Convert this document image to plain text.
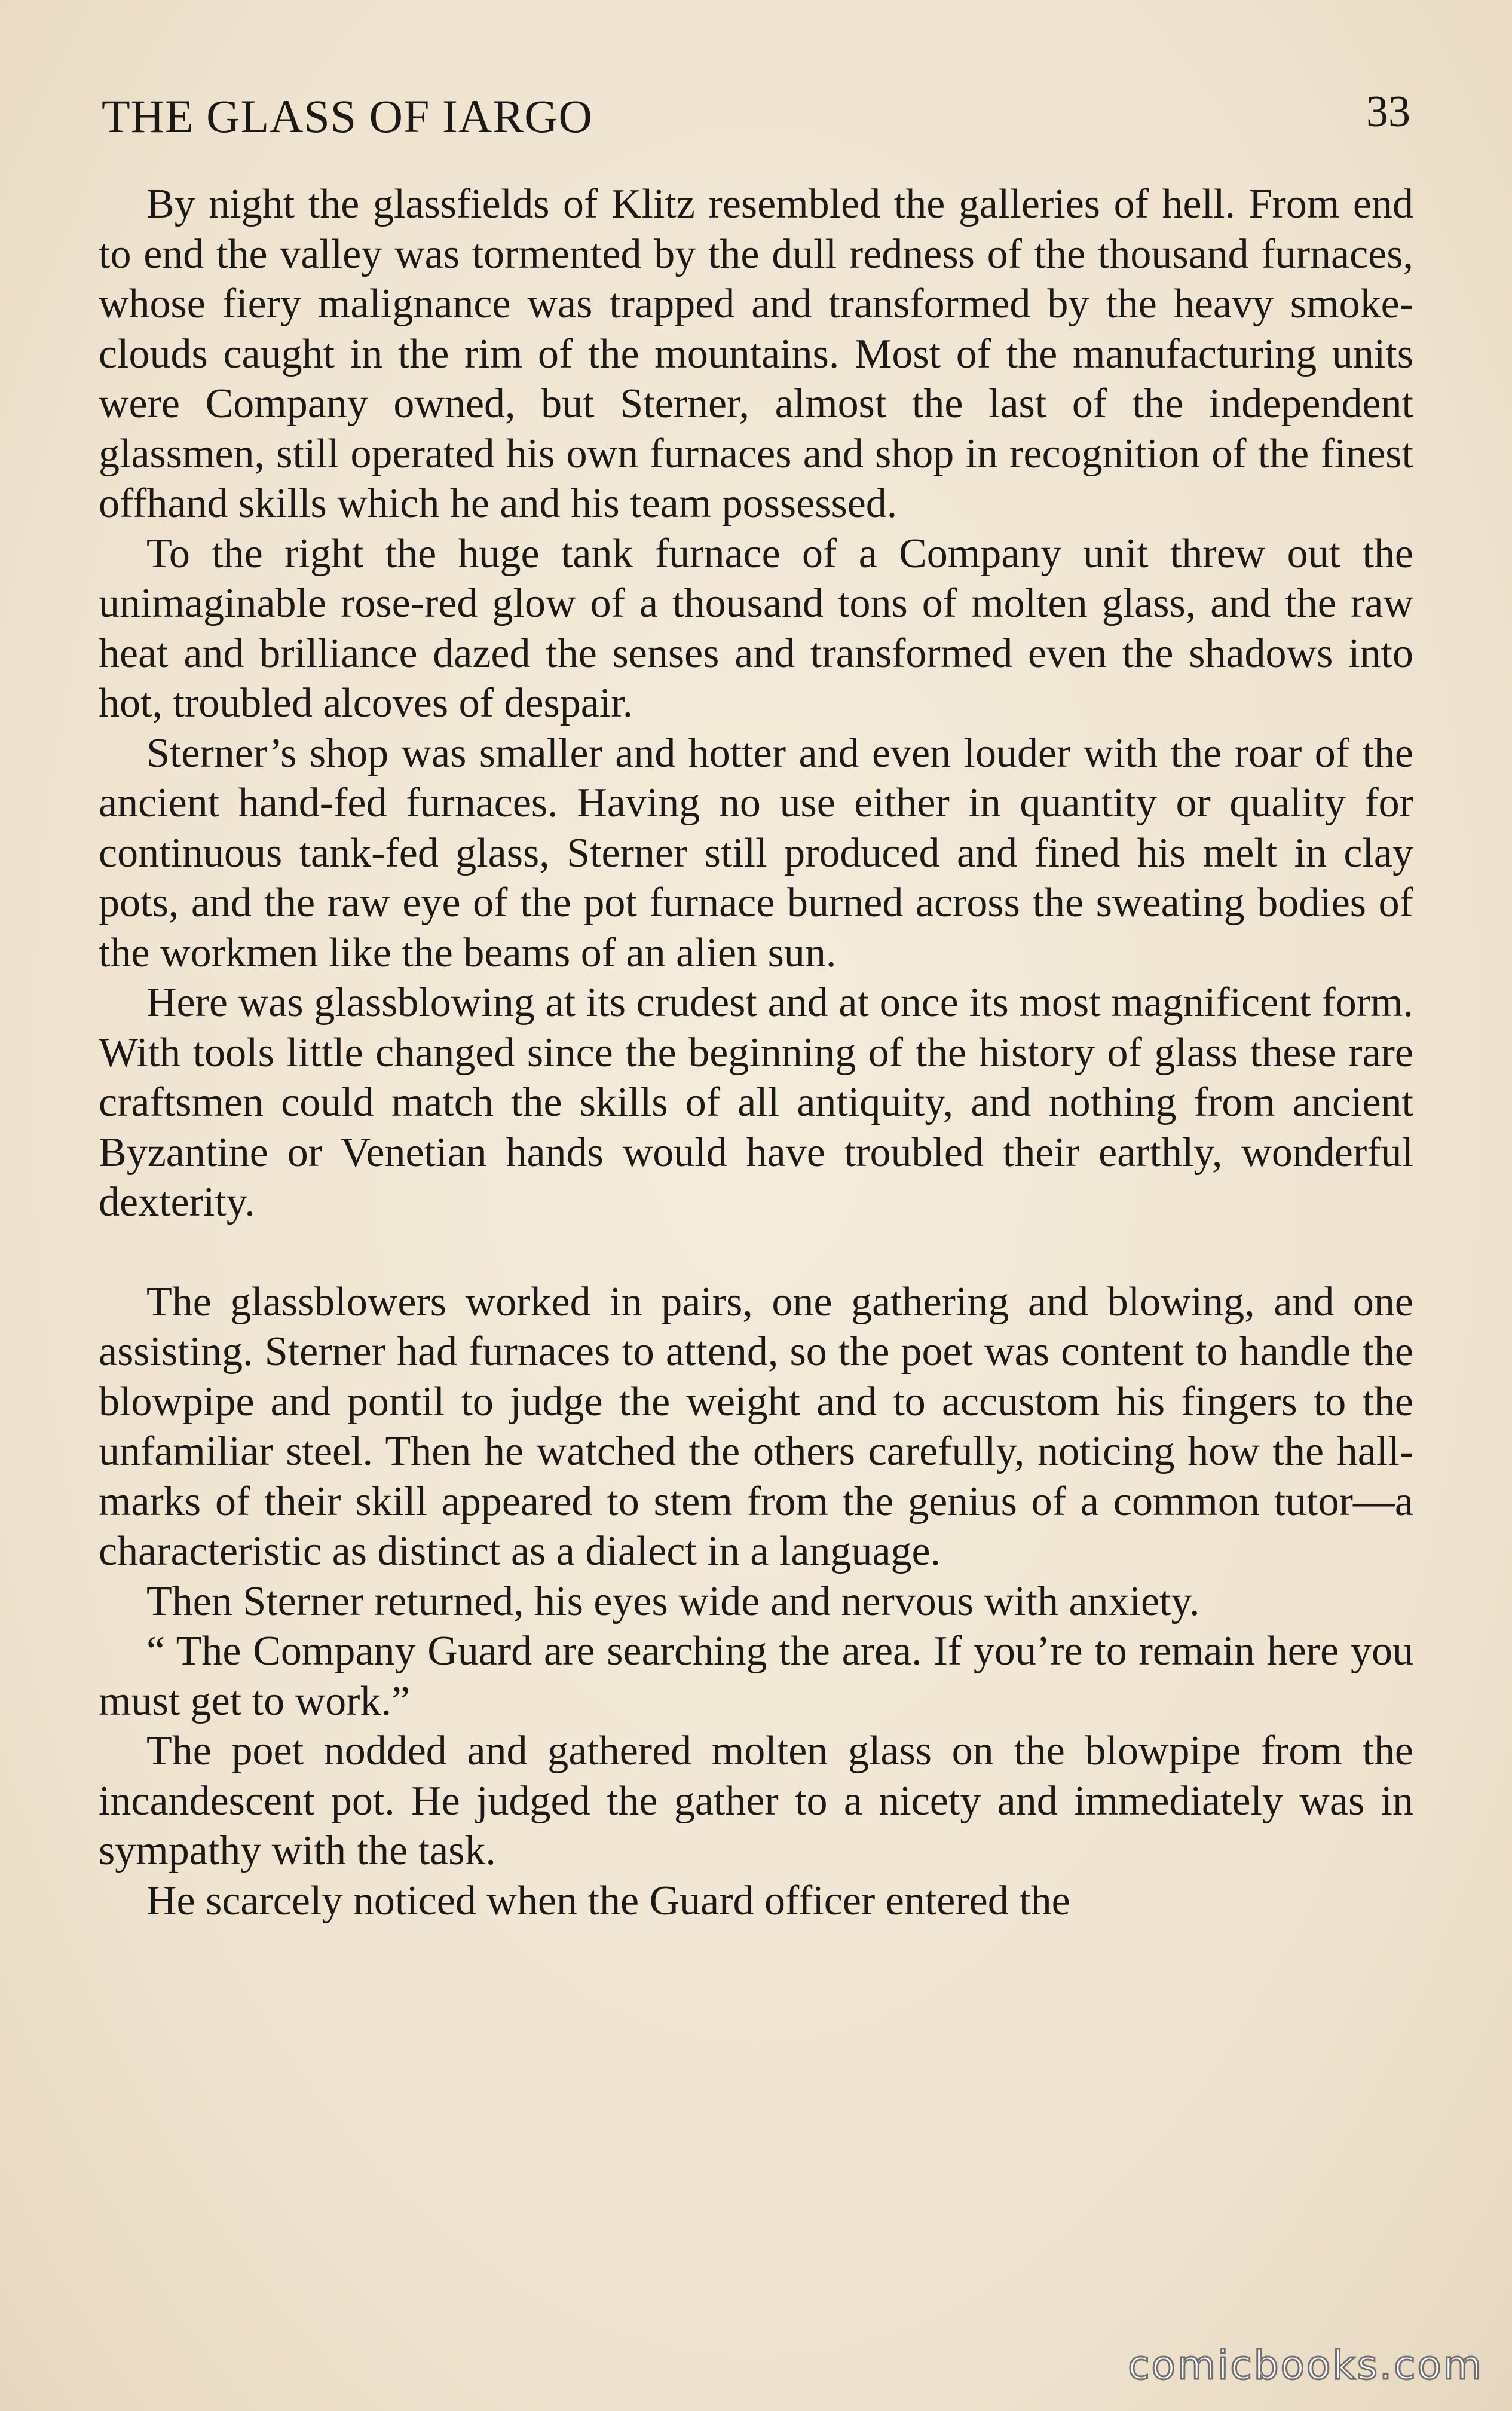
THE GLASS OF IARGO	33

By night the glassfields of Klitz resembled the galleries of hell. From end to end the valley was tormented by the dull redness of the thousand furnaces, whose fiery malignance was trapped and transformed by the heavy smoke-clouds caught in the rim of the mountains. Most of the manufacturing units were Company owned, but Sterner, almost the last of the independent glassmen, still operated his own furnaces and shop in recognition of the finest offhand skills which he and his team possessed.

To the right the huge tank furnace of a Company unit threw out the unimaginable rose-red glow of a thousand tons of molten glass, and the raw heat and brilliance dazed the senses and transformed even the shadows into hot, troubled alcoves of despair.

Sterner’s shop was smaller and hotter and even louder with the roar of the ancient hand-fed furnaces. Having no use either in quantity or quality for continuous tank-fed glass, Sterner still produced and fined his melt in clay pots, and the raw eye of the pot furnace burned across the sweating bodies of the workmen like the beams of an alien sun.

Here was glassblowing at its crudest and at once its most magnificent form. With tools little changed since the beginning of the history of glass these rare craftsmen could match the skills of all antiquity, and nothing from ancient Byzantine or Venetian hands would have troubled their earthly, wonderful dexterity.

The glassblowers worked in pairs, one gathering and blowing, and one assisting. Sterner had furnaces to attend, so the poet was content to handle the blowpipe and pontil to judge the weight and to accustom his fingers to the unfamiliar steel. Then he watched the others carefully, noticing how the hallmarks of their skill appeared to stem from the genius of a common tutor—a characteristic as distinct as a dialect in a language.

Then Sterner returned, his eyes wide and nervous with anxiety.

“ The Company Guard are searching the area. If you’re to remain here you must get to work.”

The poet nodded and gathered molten glass on the blowpipe from the incandescent pot. He judged the gather to a nicety and immediately was in sympathy with the task.

He scarcely noticed when the Guard officer entered the

comicbooks.com
